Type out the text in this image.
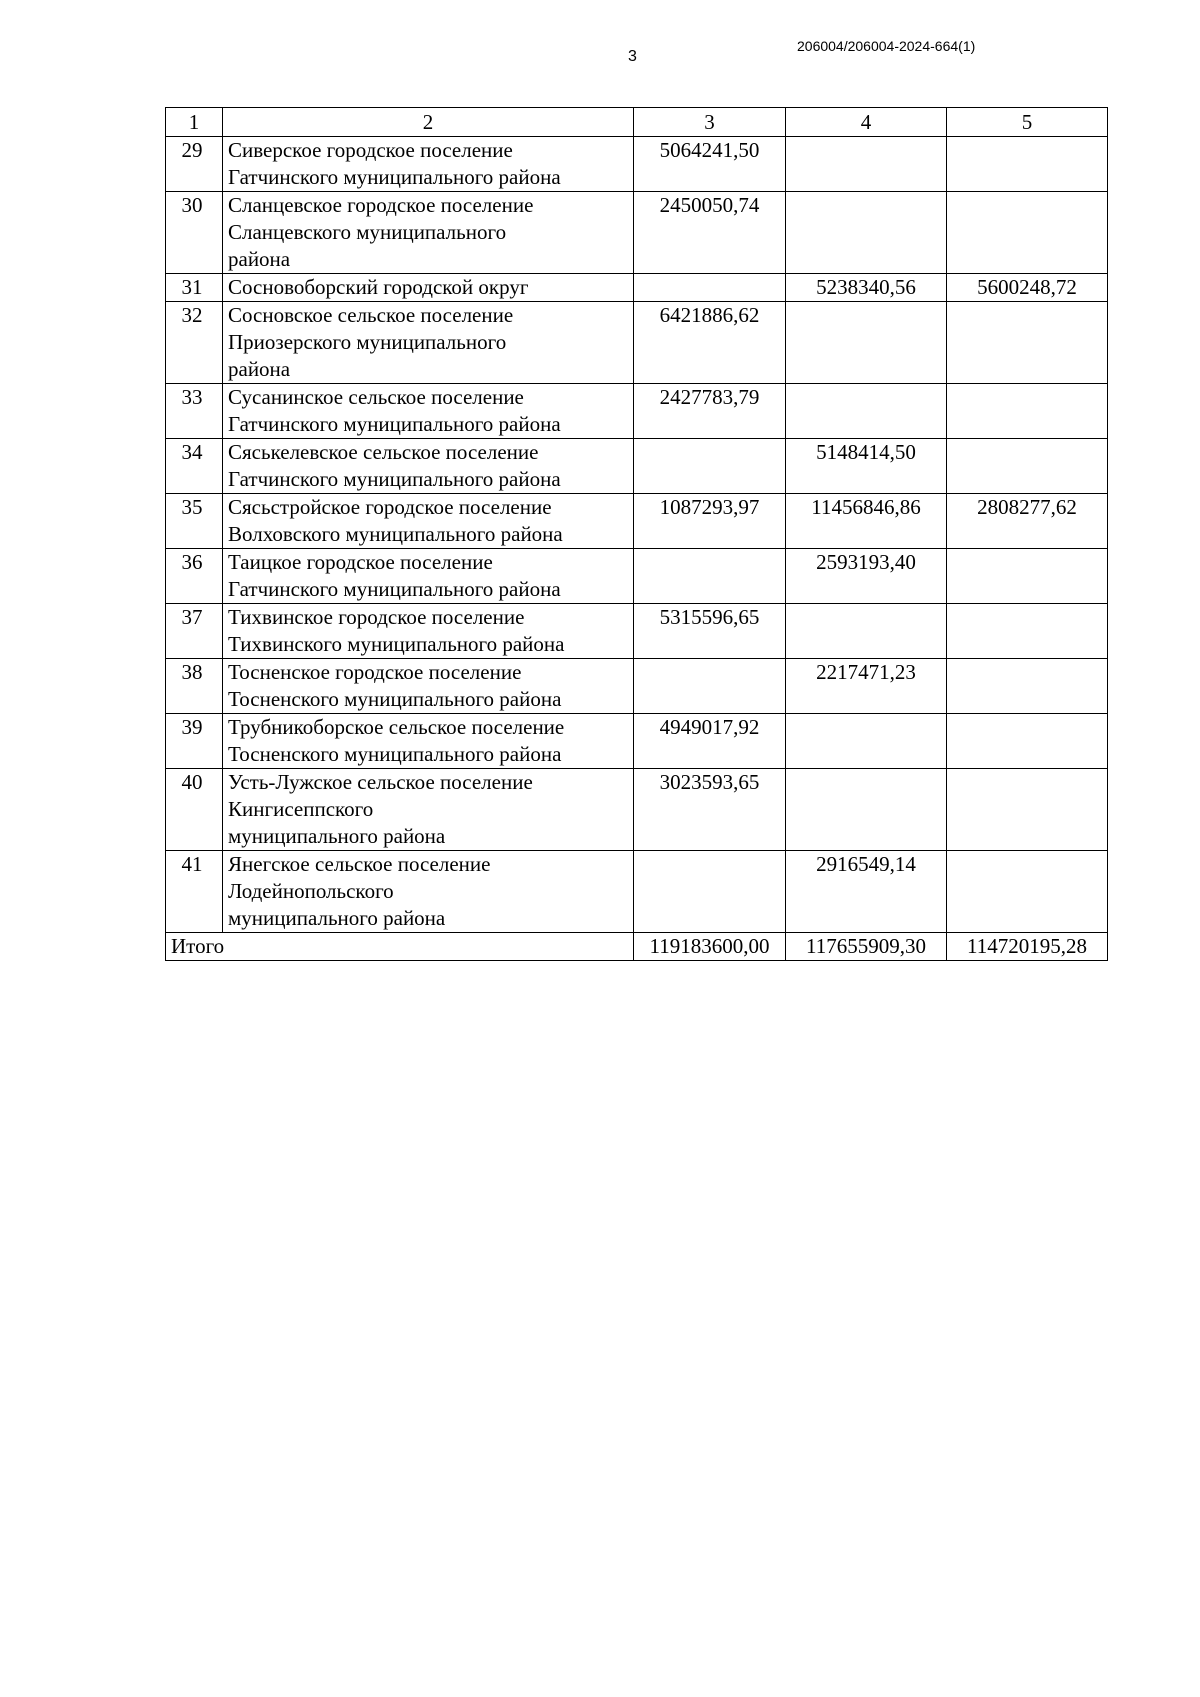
3
206004/206004-2024-664(1)
1	2	3	4	5
29	Сиверское городское поселение
Гатчинского муниципального района	5064241,50		
30	Сланцевское городское поселение
Сланцевского муниципального
района	2450050,74		
31	Сосновоборский городской округ		5238340,56	5600248,72
32	Сосновское сельское поселение
Приозерского муниципального
района	6421886,62		
33	Сусанинское сельское поселение
Гатчинского муниципального района	2427783,79		
34	Сяськелевское сельское поселение
Гатчинского муниципального района		5148414,50	
35	Сясьстройское городское поселение
Волховского муниципального района	1087293,97	11456846,86	2808277,62
36	Таицкое городское поселение
Гатчинского муниципального района		2593193,40	
37	Тихвинское городское поселение
Тихвинского муниципального района	5315596,65		
38	Тосненское городское поселение
Тосненского муниципального района		2217471,23	
39	Трубникоборское сельское поселение
Тосненского муниципального района	4949017,92		
40	Усть-Лужское сельское поселение
Кингисеппского
муниципального района	3023593,65		
41	Янегское сельское поселение
Лодейнопольского
муниципального района		2916549,14	
Итого		119183600,00	117655909,30	114720195,28
